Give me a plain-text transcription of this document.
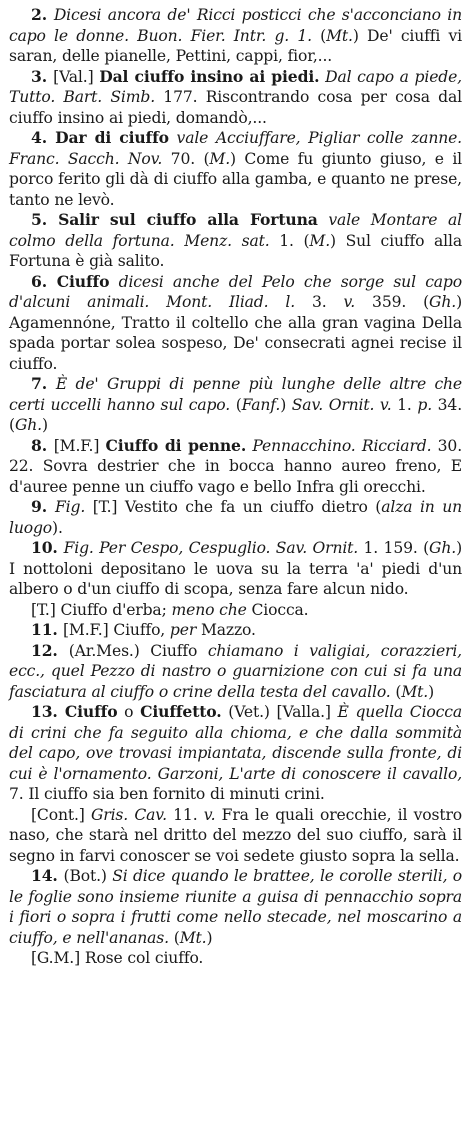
2. Dicesi ancora de' Ricci posticci che s'acconciano in capo le donne. Buon. Fier. Intr. g. 1. (Mt.) De' ciuffi vi saran, delle pianelle, Pettini, cappi, fior,...

3. [Val.] Dal ciuffo insino ai piedi. Dal capo a piede, Tutto. Bart. Simb. 177. Riscontrando cosa per cosa dal ciuffo insino ai piedi, domandò,...

4. Dar di ciuffo vale Acciuffare, Pigliar colle zanne. Franc. Sacch. Nov. 70. (M.) Come fu giunto giuso, e il porco ferito gli dà di ciuffo alla gamba, e quanto ne prese, tanto ne levò.

5. Salir sul ciuffo alla Fortuna vale Montare al colmo della fortuna. Menz. sat. 1. (M.) Sul ciuffo alla Fortuna è già salito.

6. Ciuffo dicesi anche del Pelo che sorge sul capo d'alcuni animali. Mont. Iliad. l. 3. v. 359. (Gh.) Agamennóne, Tratto il coltello che alla gran vagina Della spada portar solea sospeso, De' consecrati agnei recise il ciuffo.

7. È de' Gruppi di penne più lunghe delle altre che certi uccelli hanno sul capo. (Fanf.) Sav. Ornit. v. 1. p. 34. (Gh.)

8. [M.F.] Ciuffo di penne. Pennacchino. Ricciard. 30. 22. Sovra destrier che in bocca hanno aureo freno, E d'auree penne un ciuffo vago e bello Infra gli orecchi.

9. Fig. [T.] Vestito che fa un ciuffo dietro (alza in un luogo).

10. Fig. Per Cespo, Cespuglio. Sav. Ornit. 1. 159. (Gh.) I nottoloni depositano le uova su la terra 'a' piedi d'un albero o d'un ciuffo di scopa, senza fare alcun nido.

[T.] Ciuffo d'erba; meno che Ciocca.

11. [M.F.] Ciuffo, per Mazzo.

12. (Ar.Mes.) Ciuffo chiamano i valigiai, corazzieri, ecc., quel Pezzo di nastro o guarnizione con cui si fa una fasciatura al ciuffo o crine della testa del cavallo. (Mt.)

13. Ciuffo o Ciuffetto. (Vet.) [Valla.] È quella Ciocca di crini che fa seguito alla chioma, e che dalla sommità del capo, ove trovasi impiantata, discende sulla fronte, di cui è l'ornamento. Garzoni, L'arte di conoscere il cavallo, 7. Il ciuffo sia ben fornito di minuti crini.

[Cont.] Gris. Cav. 11. v. Fra le quali orecchie, il vostro naso, che starà nel dritto del mezzo del suo ciuffo, sarà il segno in farvi conoscer se voi sedete giusto sopra la sella.

14. (Bot.) Si dice quando le brattee, le corolle sterili, o le foglie sono insieme riunite a guisa di pennacchio sopra i fiori o sopra i frutti come nello stecade, nel moscarino a ciuffo, e nell'ananas. (Mt.)

[G.M.] Rose col ciuffo.
